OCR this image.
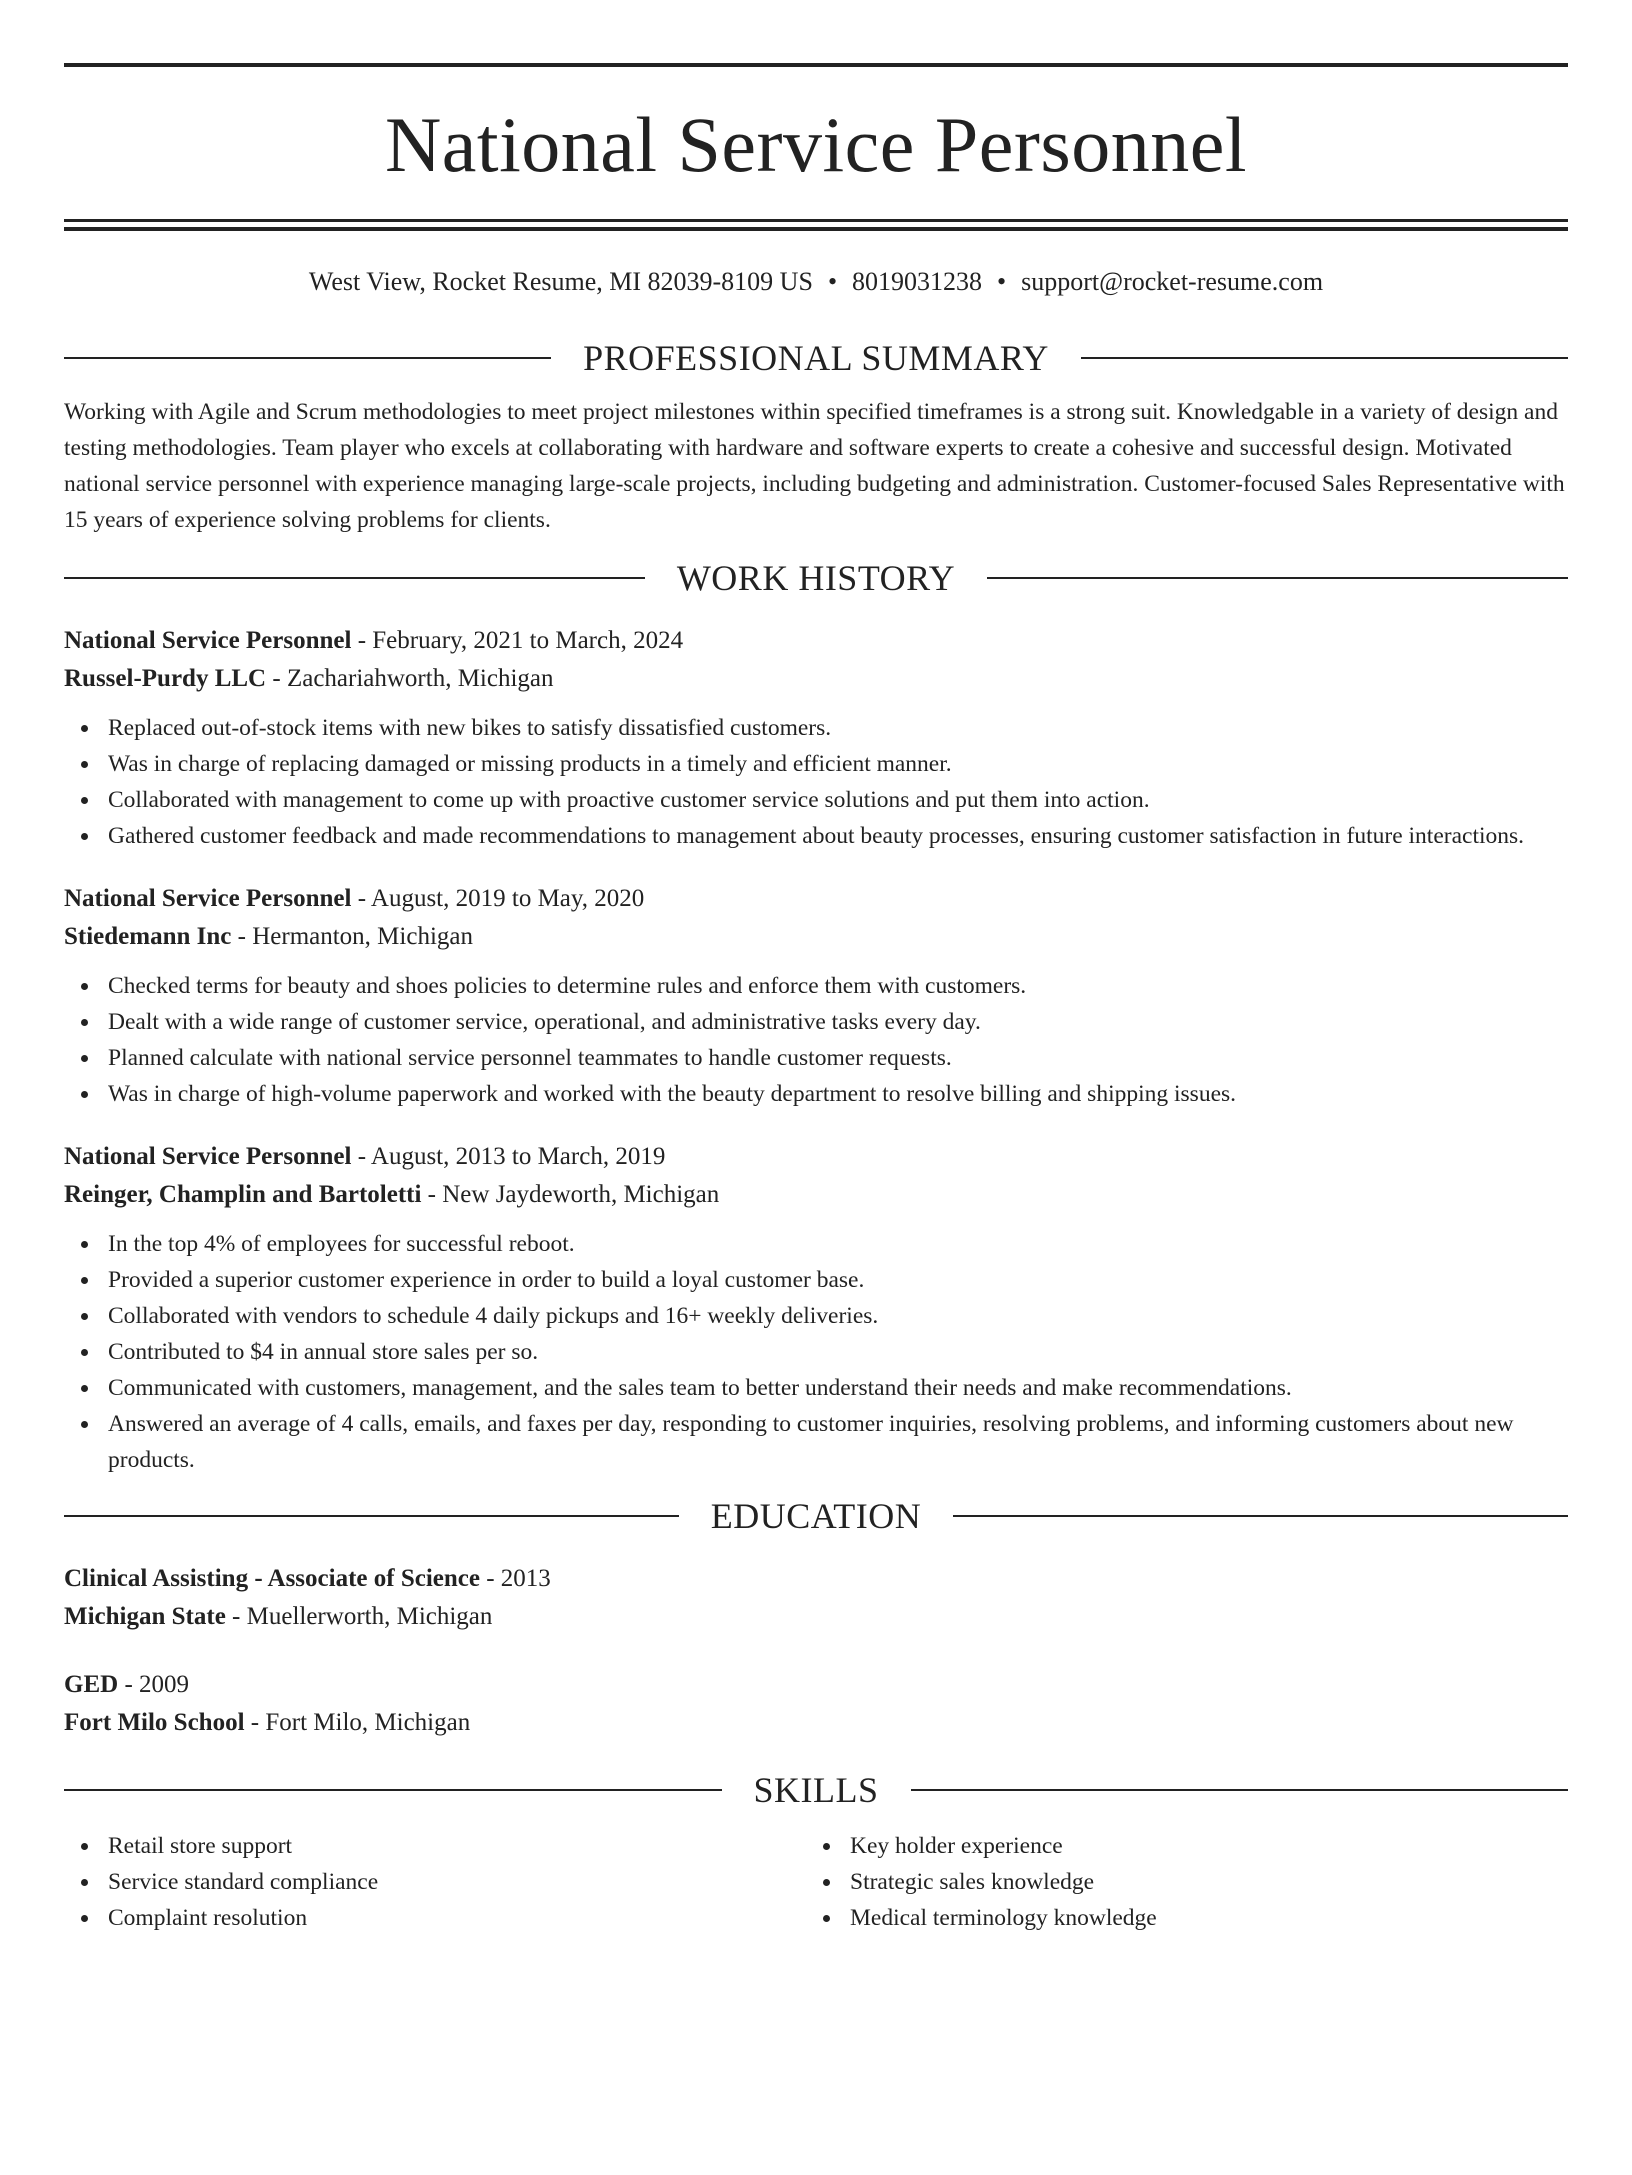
National Service Personnel
West View, Rocket Resume, MI 82039-8109 US • 8019031238 • support@rocket-resume.com
PROFESSIONAL SUMMARY
Working with Agile and Scrum methodologies to meet project milestones within specified timeframes is a strong suit. Knowledgable in a variety of design and testing methodologies. Team player who excels at collaborating with hardware and software experts to create a cohesive and successful design. Motivated national service personnel with experience managing large-scale projects, including budgeting and administration. Customer-focused Sales Representative with 15 years of experience solving problems for clients.
WORK HISTORY
National Service Personnel - February, 2021 to March, 2024
Russel-Purdy LLC - Zachariahworth, Michigan
Replaced out-of-stock items with new bikes to satisfy dissatisfied customers.
Was in charge of replacing damaged or missing products in a timely and efficient manner.
Collaborated with management to come up with proactive customer service solutions and put them into action.
Gathered customer feedback and made recommendations to management about beauty processes, ensuring customer satisfaction in future interactions.
National Service Personnel - August, 2019 to May, 2020
Stiedemann Inc - Hermanton, Michigan
Checked terms for beauty and shoes policies to determine rules and enforce them with customers.
Dealt with a wide range of customer service, operational, and administrative tasks every day.
Planned calculate with national service personnel teammates to handle customer requests.
Was in charge of high-volume paperwork and worked with the beauty department to resolve billing and shipping issues.
National Service Personnel - August, 2013 to March, 2019
Reinger, Champlin and Bartoletti - New Jaydeworth, Michigan
In the top 4% of employees for successful reboot.
Provided a superior customer experience in order to build a loyal customer base.
Collaborated with vendors to schedule 4 daily pickups and 16+ weekly deliveries.
Contributed to $4 in annual store sales per so.
Communicated with customers, management, and the sales team to better understand their needs and make recommendations.
Answered an average of 4 calls, emails, and faxes per day, responding to customer inquiries, resolving problems, and informing customers about new products.
EDUCATION
Clinical Assisting - Associate of Science - 2013
Michigan State - Muellerworth, Michigan
GED - 2009
Fort Milo School - Fort Milo, Michigan
SKILLS
Retail store support
Service standard compliance
Complaint resolution
Key holder experience
Strategic sales knowledge
Medical terminology knowledge
